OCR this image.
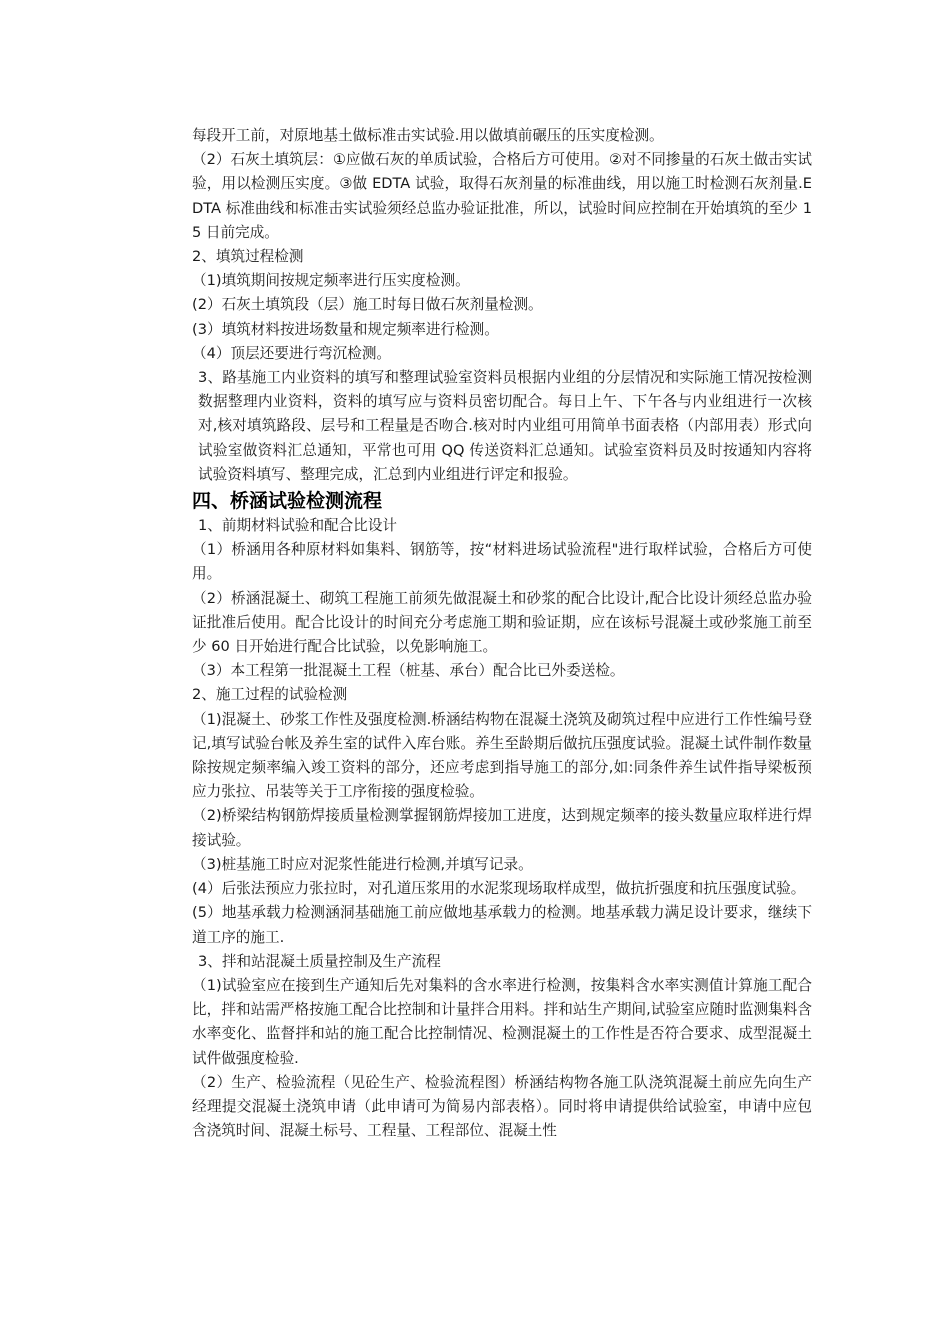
每段开工前，对原地基土做标准击实试验.用以做填前碾压的压实度检测。

（2）石灰土填筑层：①应做石灰的单质试验，合格后方可使用。②对不同掺量的石灰土做击实试验，用以检测压实度。③做 EDTA 试验，取得石灰剂量的标准曲线，用以施工时检测石灰剂量.EDTA 标准曲线和标准击实试验须经总监办验证批准，所以，试验时间应控制在开始填筑的至少 15 日前完成。

2、填筑过程检测

（1)填筑期间按规定频率进行压实度检测。

(2）石灰土填筑段（层）施工时每日做石灰剂量检测。

(3）填筑材料按进场数量和规定频率进行检测。

（4）顶层还要进行弯沉检测。

3、路基施工内业资料的填写和整理试验室资料员根据内业组的分层情况和实际施工情况按检测数据整理内业资料，资料的填写应与资料员密切配合。每日上午、下午各与内业组进行一次核对,核对填筑路段、层号和工程量是否吻合.核对时内业组可用简单书面表格（内部用表）形式向试验室做资料汇总通知，平常也可用 QQ 传送资料汇总通知。试验室资料员及时按通知内容将试验资料填写、整理完成，汇总到内业组进行评定和报验。

四、桥涵试验检测流程

1、前期材料试验和配合比设计

（1）桥涵用各种原材料如集料、钢筋等，按“材料进场试验流程"进行取样试验，合格后方可使用。

（2）桥涵混凝土、砌筑工程施工前须先做混凝土和砂浆的配合比设计,配合比设计须经总监办验证批准后使用。配合比设计的时间充分考虑施工期和验证期，应在该标号混凝土或砂浆施工前至少 60 日开始进行配合比试验，以免影响施工。

（3）本工程第一批混凝土工程（桩基、承台）配合比已外委送检。

2、施工过程的试验检测

（1)混凝土、砂浆工作性及强度检测.桥涵结构物在混凝土浇筑及砌筑过程中应进行工作性编号登记,填写试验台帐及养生室的试件入库台账。养生至龄期后做抗压强度试验。混凝土试件制作数量除按规定频率编入竣工资料的部分，还应考虑到指导施工的部分,如:同条件养生试件指导梁板预应力张拉、吊装等关于工序衔接的强度检验。

（2)桥梁结构钢筋焊接质量检测掌握钢筋焊接加工进度，达到规定频率的接头数量应取样进行焊接试验。

（3)桩基施工时应对泥浆性能进行检测,并填写记录。

(4）后张法预应力张拉时，对孔道压浆用的水泥浆现场取样成型，做抗折强度和抗压强度试验。

(5）地基承载力检测涵洞基础施工前应做地基承载力的检测。地基承载力满足设计要求，继续下道工序的施工.

3、拌和站混凝土质量控制及生产流程

（1)试验室应在接到生产通知后先对集料的含水率进行检测，按集料含水率实测值计算施工配合比，拌和站需严格按施工配合比控制和计量拌合用料。拌和站生产期间,试验室应随时监测集料含水率变化、监督拌和站的施工配合比控制情况、检测混凝土的工作性是否符合要求、成型混凝土试件做强度检验.

（2）生产、检验流程（见砼生产、检验流程图）桥涵结构物各施工队浇筑混凝土前应先向生产经理提交混凝土浇筑申请（此申请可为简易内部表格）。同时将申请提供给试验室，申请中应包含浇筑时间、混凝土标号、工程量、工程部位、混凝土性
